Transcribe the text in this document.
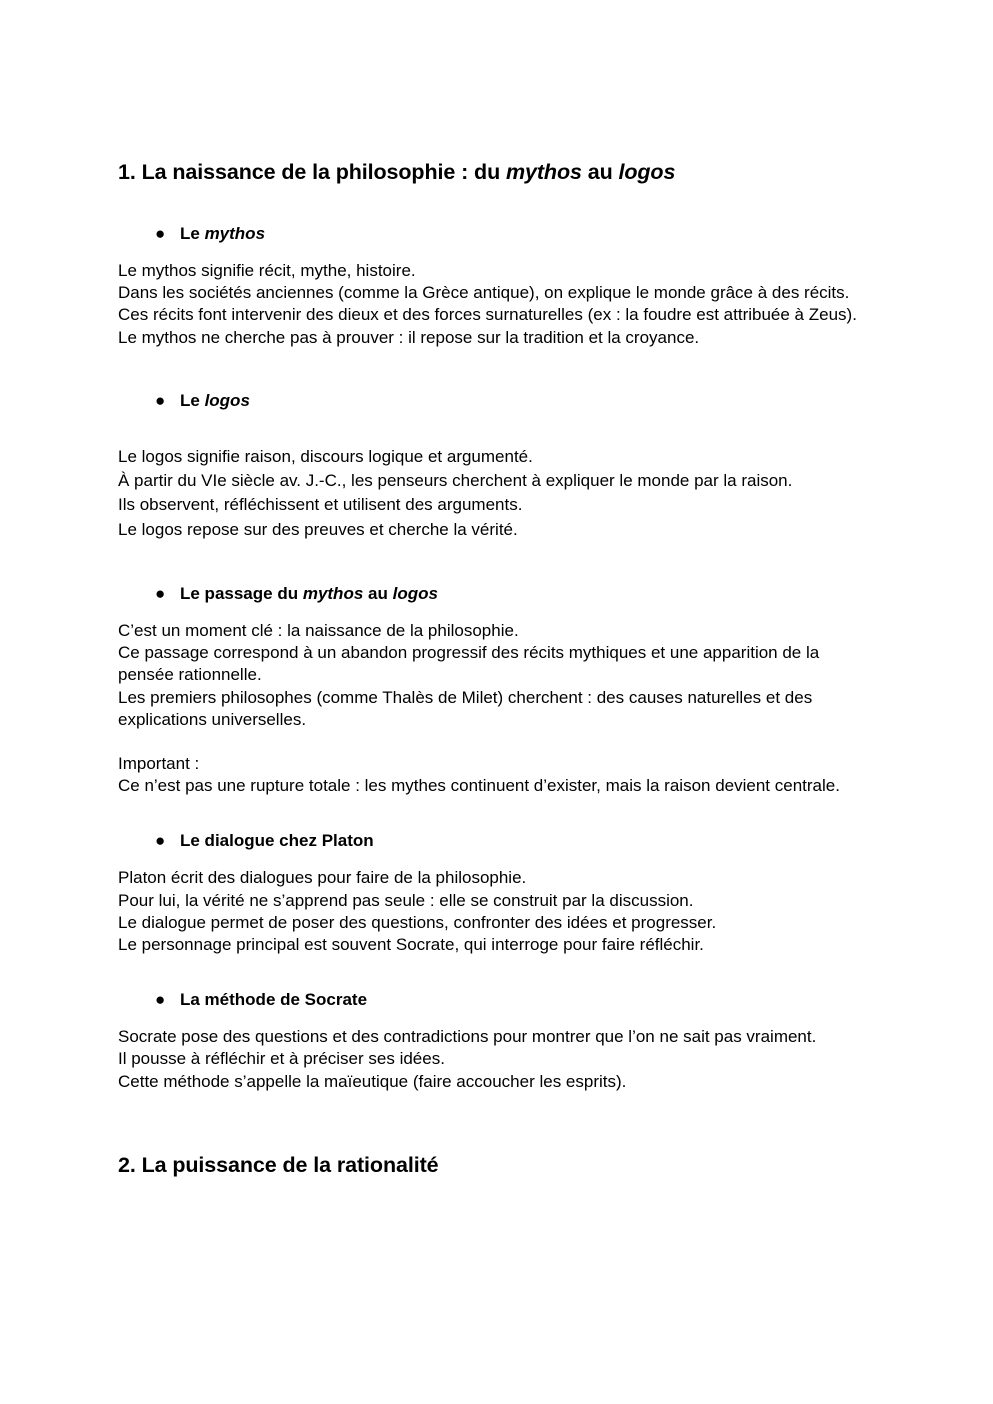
1. La naissance de la philosophie : du mythos au logos
● Le mythos

Le mythos signifie récit, mythe, histoire.
Dans les sociétés anciennes (comme la Grèce antique), on explique le monde grâce à des récits.
Ces récits font intervenir des dieux et des forces surnaturelles (ex : la foudre est attribuée à Zeus).
Le mythos ne cherche pas à prouver : il repose sur la tradition et la croyance.

● Le logos

Le logos signifie raison, discours logique et argumenté.
À partir du VIe siècle av. J.-C., les penseurs cherchent à expliquer le monde par la raison.
Ils observent, réfléchissent et utilisent des arguments.
Le logos repose sur des preuves et cherche la vérité.

● Le passage du mythos au logos

C’est un moment clé : la naissance de la philosophie.
Ce passage correspond à un abandon progressif des récits mythiques et une apparition de la pensée rationnelle.
Les premiers philosophes (comme Thalès de Milet) cherchent : des causes naturelles et des explications universelles.

Important :
Ce n’est pas une rupture totale : les mythes continuent d’exister, mais la raison devient centrale.

● Le dialogue chez Platon

Platon écrit des dialogues pour faire de la philosophie.
Pour lui, la vérité ne s’apprend pas seule : elle se construit par la discussion.
Le dialogue permet de poser des questions, confronter des idées et progresser.
Le personnage principal est souvent Socrate, qui interroge pour faire réfléchir.

● La méthode de Socrate

Socrate pose des questions et des contradictions pour montrer que l’on ne sait pas vraiment.
Il pousse à réfléchir et à préciser ses idées.
Cette méthode s’appelle la maïeutique (faire accoucher les esprits).

2. La puissance de la rationalité
